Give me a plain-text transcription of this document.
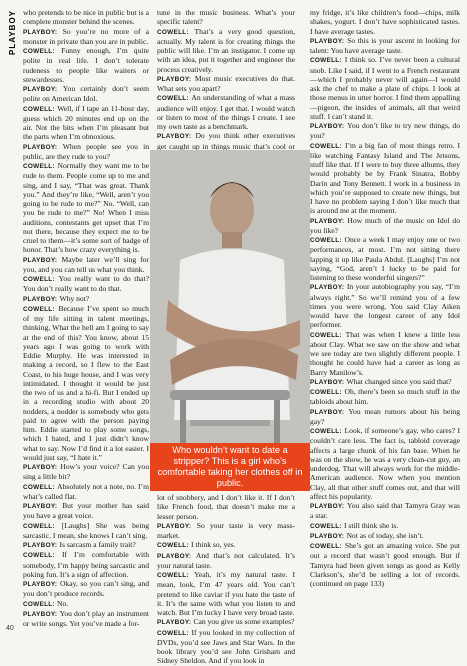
PLAYBOY who pretends to be nice in public but is a complete monster behind the scenes.

PLAYBOY: So you’re no more of a monster in private than you are in public.

COWELL: Funny enough, I’m quite polite in real life. I don’t tolerate rudeness to people like waiters or stewardesses.

PLAYBOY: You certainly don’t seem polite on American Idol.

COWELL: Well, if I tape an 11-hour day, guess which 20 minutes end up on the air. Not the bits when I’m pleasant but the parts when I’m obnoxious.

PLAYBOY: When people see you in public, are they rude to you?

COWELL: Normally they want me to be rude to them. People come up to me and sing, and I say, “That was great. Thank you.” And they’re like, “Well, aren’t you going to be rude to me?” No. “Well, can you be rude to me?” No! When I miss auditions, contestants get upset that I’m not there, because they expect me to be cruel to them—it’s some sort of badge of honor. That’s how crazy everything is.

PLAYBOY: Maybe later we’ll sing for you, and you can tell us what you think.

COWELL: You really want to do that? You don’t really want to do that.

PLAYBOY: Why not?

COWELL: Because I’ve spent so much of my life sitting in talent meetings, thinking, What the hell am I going to say at the end of this? You know, about 15 years ago I was going to work with Eddie Murphy. He was interested in making a record, so I flew to the East Coast, to his huge house, and I was very intimidated. I thought it would be just the two of us and a hi-fi. But I ended up in a recording studio with about 20 nodders, a nodder is somebody who gets paid to agree with the person paying him. Eddie started to play some songs, which I hated, and I just didn’t know what to say. Now I’d find it a lot easier. I would just say, “I hate it.”

PLAYBOY: How’s your voice? Can you sing a little bit?

COWELL: Absolutely not a note, no. I’m what’s called flat.

PLAYBOY: But your mother has said you have a great voice.

COWELL: [Laughs] She was being sarcastic. I mean, she knows I can’t sing.

PLAYBOY: Is sarcasm a family trait?

COWELL: If I’m comfortable with somebody, I’m happy being sarcastic and poking fun. It’s a sign of affection.

PLAYBOY: Okay, so you can’t sing, and you don’t produce records.

COWELL: No.

PLAYBOY: You don’t play an instrument or write songs. Yet you’ve made a for-

tune in the music business. What’s your specific talent?

COWELL: That’s a very good question, actually. My talent is for creating things the public will like. I’m an instigator. I come up with an idea, put it together and engineer the process creatively.

PLAYBOY: Most music executives do that. What sets you apart?

COWELL: An understanding of what a mass audience will enjoy. I get that. I would watch or listen to most of the things I create. I see my own taste as a benchmark.

PLAYBOY: Do you think other executives get caught up in things music that’s cool or

Who wouldn’t want to date a stripper? This is a girl who’s comfortable taking her clothes off in public.

lot of snobbery, and I don’t like it. If I don’t like French food, that doesn’t make me a lesser person.

PLAYBOY: So your taste is very mass-market.

COWELL: I think so, yes.

PLAYBOY: And that’s not calculated. It’s your natural taste.

COWELL: Yeah, it’s my natural taste. I mean, look, I’m 47 years old. You can’t pretend to like caviar if you hate the taste of it. It’s the same with what you listen to and watch. But I’m lucky I have very broad taste.

PLAYBOY: Can you give us some examples?

COWELL: If you looked in my collection of DVDs, you’d see Jaws and Star Wars. In the book library you’d see John Grisham and Sidney Sheldon. And if you look in

my fridge, it’s like children’s food—chips, milk shakes, yogurt. I don’t have sophisticated tastes. I have average tastes.

PLAYBOY: So this is your ascent in looking for talent: You have average taste.

COWELL: I think so. I’ve never been a cultural snob. Like I said, if I went to a French restaurant—which I probably never will again—I would ask the chef to make a plate of chips. I look at those menus in utter horror. I find them appalling—pigeon, the insides of animals, all that weird stuff. I can’t stand it.

PLAYBOY: You don’t like to try new things, do you?

COWELL: I’m a big fan of most things retro. I like watching Fantasy Island and The Jetsons, stuff like that. If I were to buy three albums, they would probably be by Frank Sinatra, Bobby Darin and Tony Bennett. I work in a business in which you’re supposed to create new things, but I have no problem saying I don’t like much that is around me at the moment.

PLAYBOY: How much of the music on Idol do you like?

COWELL: Once a week I may enjoy one or two performances, at most. I’m not sitting there lapping it up like Paula Abdul. [Laughs] I’m not saying, “God, aren’t I lucky to be paid for listening to these wonderful singers?”

PLAYBOY: In your autobiography you say, “I’m always right.” So we’ll remind you of a few times you were wrong. You said Clay Aiken would have the longest career of any Idol performer.

COWELL: That was when I knew a little less about Clay. What we saw on the show and what we see today are two slightly different people. I thought he could have had a career as long as Barry Manilow’s.

PLAYBOY: What changed since you said that?

COWELL: Oh, there’s been so much stuff in the tabloids about him.

PLAYBOY: You mean rumors about his being gay?

COWELL: Look, if someone’s gay, who cares? I couldn’t care less. The fact is, tabloid coverage affects a large chunk of his fan base. When he was on the show, he was a very clean-cut guy, an underdog. That will always work for the middle-American audience. Now when you mention Clay, all that other stuff comes out, and that will affect his popularity.

PLAYBOY: You also said that Tamyra Gray was a star.

COWELL: I still think she is.

PLAYBOY: Not as of today, she isn’t.

COWELL: She’s got an amazing voice. She put out a record that wasn’t good enough. But if Tamyra had been given songs as good as Kelly Clarkson’s, she’d be selling a lot of records. (continued on page 133)

40
